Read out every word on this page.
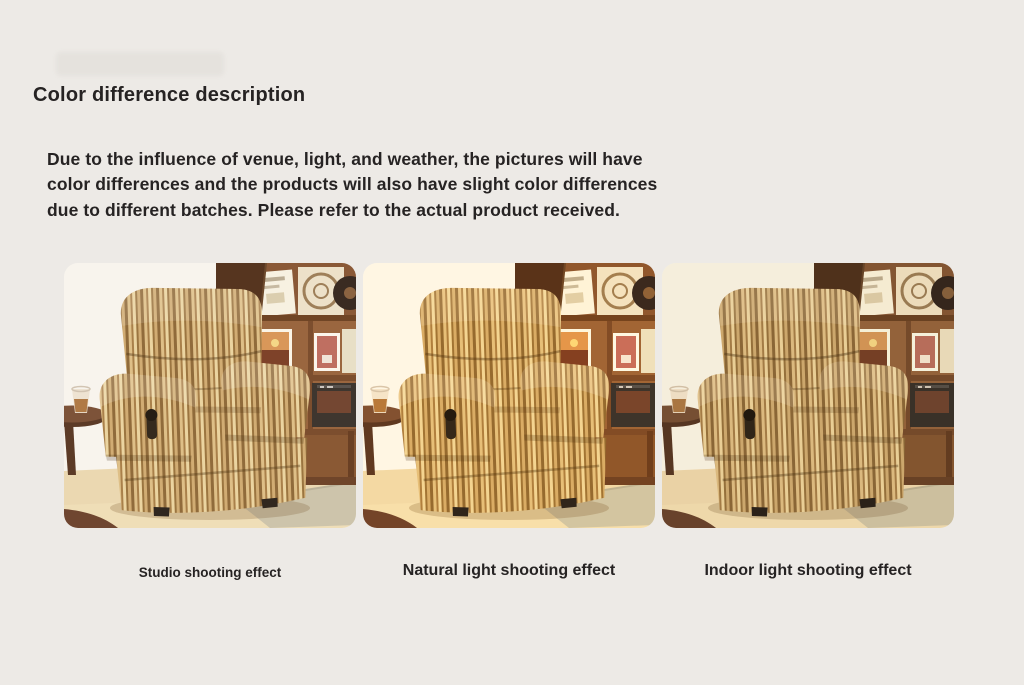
Color difference description
Due to the influence of venue, light, and weather, the pictures will have
color differences and the products will also have slight color differences
due to different batches. Please refer to the actual product received.
Studio shooting effect	Natural light shooting effect	Indoor light shooting effect
